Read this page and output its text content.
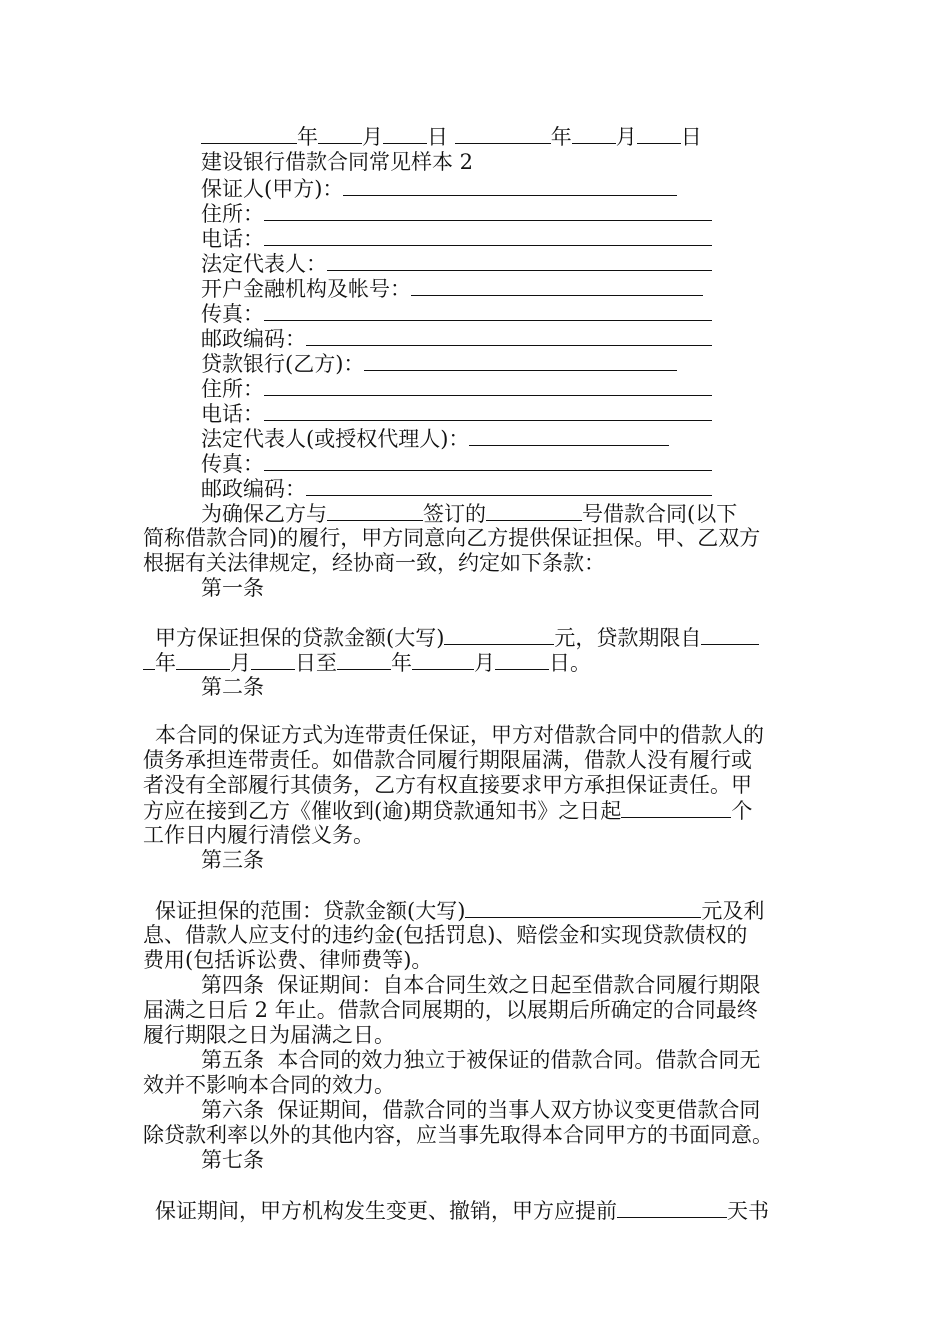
年 月 日	年 月 日
建设银行借款合同常见样本 2
保证人(甲方)：
住所：
电话：
法定代表人：
开户金融机构及帐号：
传真：
邮政编码：
贷款银行(乙方)：
住所：
电话：
法定代表人(或授权代理人)：
传真：
邮政编码：
为确保乙方与	签订的	号借款合同(以下
简称借款合同)的履行，甲方同意向乙方提供保证担保。甲、乙双方
根据有关法律规定，经协商一致，约定如下条款：
第一条
甲方保证担保的贷款金额(大写)	元，贷款期限自
年	月 日至	年	月	日。
第二条
本合同的保证方式为连带责任保证，甲方对借款合同中的借款人的
债务承担连带责任。如借款合同履行期限届满，借款人没有履行或
者没有全部履行其债务，乙方有权直接要求甲方承担保证责任。甲
方应在接到乙方《催收到(逾)期贷款通知书》之日起	个
工作日内履行清偿义务。
第三条
保证担保的范围：贷款金额(大写)	元及利
息、借款人应支付的违约金(包括罚息)、赔偿金和实现贷款债权的
费用(包括诉讼费、律师费等)。
第四条  保证期间：自本合同生效之日起至借款合同履行期限
届满之日后 2 年止。借款合同展期的，以展期后所确定的合同最终
履行期限之日为届满之日。
第五条  本合同的效力独立于被保证的借款合同。借款合同无
效并不影响本合同的效力。
第六条  保证期间，借款合同的当事人双方协议变更借款合同
除贷款利率以外的其他内容，应当事先取得本合同甲方的书面同意。
第七条
保证期间，甲方机构发生变更、撤销，甲方应提前	天书
